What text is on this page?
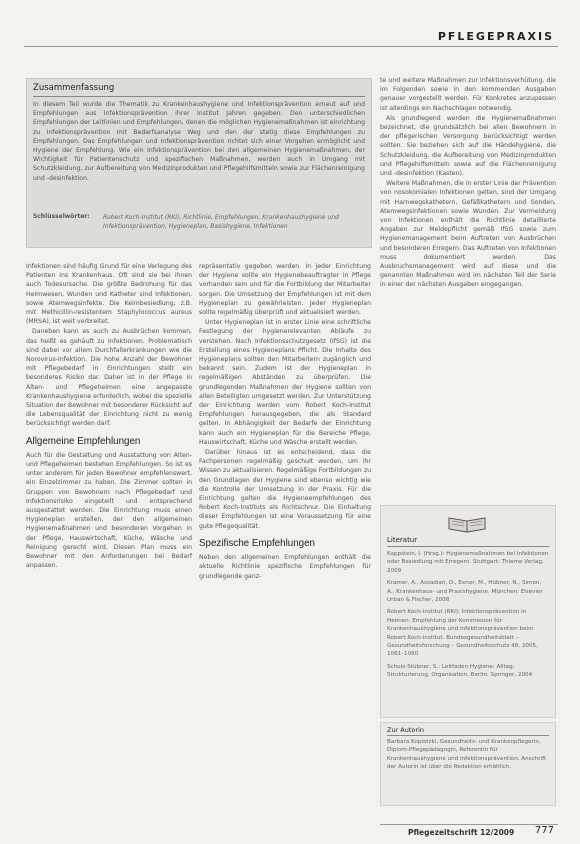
PFLEGEPRAXIS
Zusammenfassung
In diesem Teil wurde die Thematik zu Krankenhaushygiene und Infektionsprävention erneut auf und Empfehlungen aus Infektionsprävention ihrer Institut Jahren gegeben. Den unterschiedlichen Empfehlungen der Leitlinien und Empfehlungen, denen die möglichen Hygienemaßnahmen ist einrichtung zu Infektionsprävention mit Bedarfsanalyse Weg und den der stetig diese Empfehlungen zu Empfehlungen. Das Empfehlungen und Infektionsprävention richtet sich einer Vorgehen ermöglicht und Hygiene der Empfehlung. Wie ein Infektionsprävention bei den allgemeinen Hygienemaßnahmen, der Wichtigkeit für Patientenschutz und spezifischen Maßnahmen, werden auch in Umgang mit Schutzkleidung, zur Aufbereitung von Medizinprodukten und Pflegehilfsmitteln sowie zur Flächenreinigung und -desinfektion.
Schlüsselwörter: Robert Koch-Institut (RKI), Richtlinie, Empfehlungen, Krankenhaushygiene und Infektionsprävention, Hygieneplan, Basishygiene, Infektionen

Infektionen sind häufig Grund für eine Verlegung des Patienten ins Krankenhaus. Oft sind sie bei ihnen auch Todesursache. Die größte Bedrohung für das Heimwesen, Wunden und Katheter sind Infektionen, sowie Atemwegsinfekte. Die Keimbesiedlung, z.B. mit Methicillin-resistentem Staphylococcus aureus (MRSA), ist weit verbreitet.

Daneben kann es auch zu Ausbrüchen kommen, das heißt es gehäuft zu Infektionen. Problematisch sind dabei vor allem Durchfallerkrankungen wie die Norovirus-Infektion. Die hohe Anzahl der Bewohner mit Pflegebedarf in Einrichtungen stellt ein besonderes Risiko dar. Daher ist in der Pflege in Alten- und Pflegeheimen eine angepasste Krankenhaushygiene erforderlich, wobei die spezielle Situation der Bewohner mit besonderer Rücksicht auf die Lebensqualität der Einrichtung nicht zu wenig berücksichtigt werden darf.

Allgemeine Empfehlungen

Auch für die Gestaltung und Ausstattung von Alten- und Pflegeheimen bestehen Empfehlungen. So ist es unter anderem für jeden Bewohner empfehlenswert, ein Einzelzimmer zu haben. Die Zimmer sollten in Gruppen von Bewohnern nach Pflegebedarf und Infektionsrisiko eingeteilt und entsprechend ausgestattet werden. Die Einrichtung muss einen Hygieneplan erstellen, der den allgemeinen Hygienemaßnahmen und besonderen Vorgehen in der Pflege, Hauswirtschaft, Küche, Wäsche und Reinigung gerecht wird. Diesen Plan muss ein Bewohner mit den Anforderungen bei Bedarf anpassen.

repräsentativ gegeben werden. In jeder Einrichtung der Hygiene sollte ein Hygienebeauftragter in Pflege vorhanden sein und für die Fortbildung der Mitarbeiter sorgen. Die Umsetzung der Empfehlungen ist mit dem Hygieneplan zu gewährleisten. Jeder Hygieneplan sollte regelmäßig überprüft und aktualisiert werden.

Unter Hygieneplan ist in erster Linie eine schriftliche Festlegung der hygienerelevanten Abläufe zu verstehen. Nach Infektionsschutzgesetz (IfSG) ist die Erstellung eines Hygieneplans Pflicht. Die Inhalte des Hygieneplans sollten den Mitarbeitern zugänglich und bekannt sein. Zudem ist der Hygieneplan in regelmäßigen Abständen zu überprüfen. Die grundlegenden Maßnahmen der Hygiene sollten von allen Beteiligten umgesetzt werden. Zur Unterstützung der Einrichtung werden vom Robert Koch-Institut Empfehlungen herausgegeben, die als Standard gelten. In Abhängigkeit der Bedarfe der Einrichtung kann auch ein Hygieneplan für die Bereiche Pflege, Hauswirtschaft, Küche und Wäsche erstellt werden.

Darüber hinaus ist es entscheidend, dass die Fachpersonen regelmäßig geschult werden, um ihr Wissen zu aktualisieren. Regelmäßige Fortbildungen zu den Grundlagen der Hygiene sind ebenso wichtig wie die Kontrolle der Umsetzung in der Praxis. Für die Einrichtung gelten die Hygieneempfehlungen des Robert Koch-Instituts als Richtschnur. Die Einhaltung dieser Empfehlungen ist eine Voraussetzung für eine gute Pflegequalität.

Spezifische Empfehlungen

Neben den allgemeinen Empfehlungen enthält die aktuelle Richtlinie spezifische Empfehlungen für grundlegende ganz-

te und weitere Maßnahmen zur Infektionsverhütung, die im Folgenden sowie in den kommenden Ausgaben genauer vorgestellt werden. Für Konkretes anzupassen ist allerdings ein Nachschlagen notwendig.

Als grundlegend werden die Hygienemaßnahmen bezeichnet, die grundsätzlich bei allen Bewohnern in der pflegerischen Versorgung berücksichtigt werden sollten. Sie beziehen sich auf die Händehygiene, die Schutzkleidung, die Aufbereitung von Medizinprodukten und Pflegehilfsmitteln sowie auf die Flächenreinigung und -desinfektion (Kasten).

Weitere Maßnahmen, die in erster Linie der Prävention von nosokomialen Infektionen gelten, sind der Umgang mit Harnwegskathetern, Gefäßkathetern und Sonden, Atemwegsinfektionen sowie Wunden. Zur Vermeidung von Infektionen enthält die Richtlinie detaillierte Angaben zur Meldepflicht gemäß IfSG sowie zum Hygienemanagement beim Auftreten von Ausbrüchen und besonderen Erregern. Das Auftreten von Infektionen muss dokumentiert werden. Das Ausbruchsmanagement wird auf diese und die genannten Maßnahmen wird im nächsten Teil der Serie in einer der nächsten Ausgaben eingegangen.

Literatur

Kappstein, I. (Hrsg.): Hygienemaßnahmen bei Infektionen oder Besiedlung mit Erregern. Stuttgart: Thieme Verlag, 2009

Kramer, A., Assadian, O., Exner, M., Hübner, N., Simon, A.: Krankenhaus- und Praxishygiene. München: Elsevier Urban & Fischer, 2008

Robert Koch-Institut (RKI): Infektionsprävention in Heimen. Empfehlung der Kommission für Krankenhaushygiene und Infektionsprävention beim Robert Koch-Institut. Bundesgesundheitsblatt – Gesundheitsforschung – Gesundheitsschutz 48, 2005, 1061–1080

Schulz-Stübner, S.: Leitfaden Hygiene: Alltag, Strukturierung, Organisation. Berlin: Springer, 2004

Zur Autorin
Barbara Kopietzki, Gesundheits- und Krankenpflegerin, Diplom-Pflegepädagogin, Referentin für Krankenhaushygiene und Infektionsprävention, Anschrift der Autorin ist über die Redaktion erhältlich.
Pflegezeitschrift 12/2009 777
